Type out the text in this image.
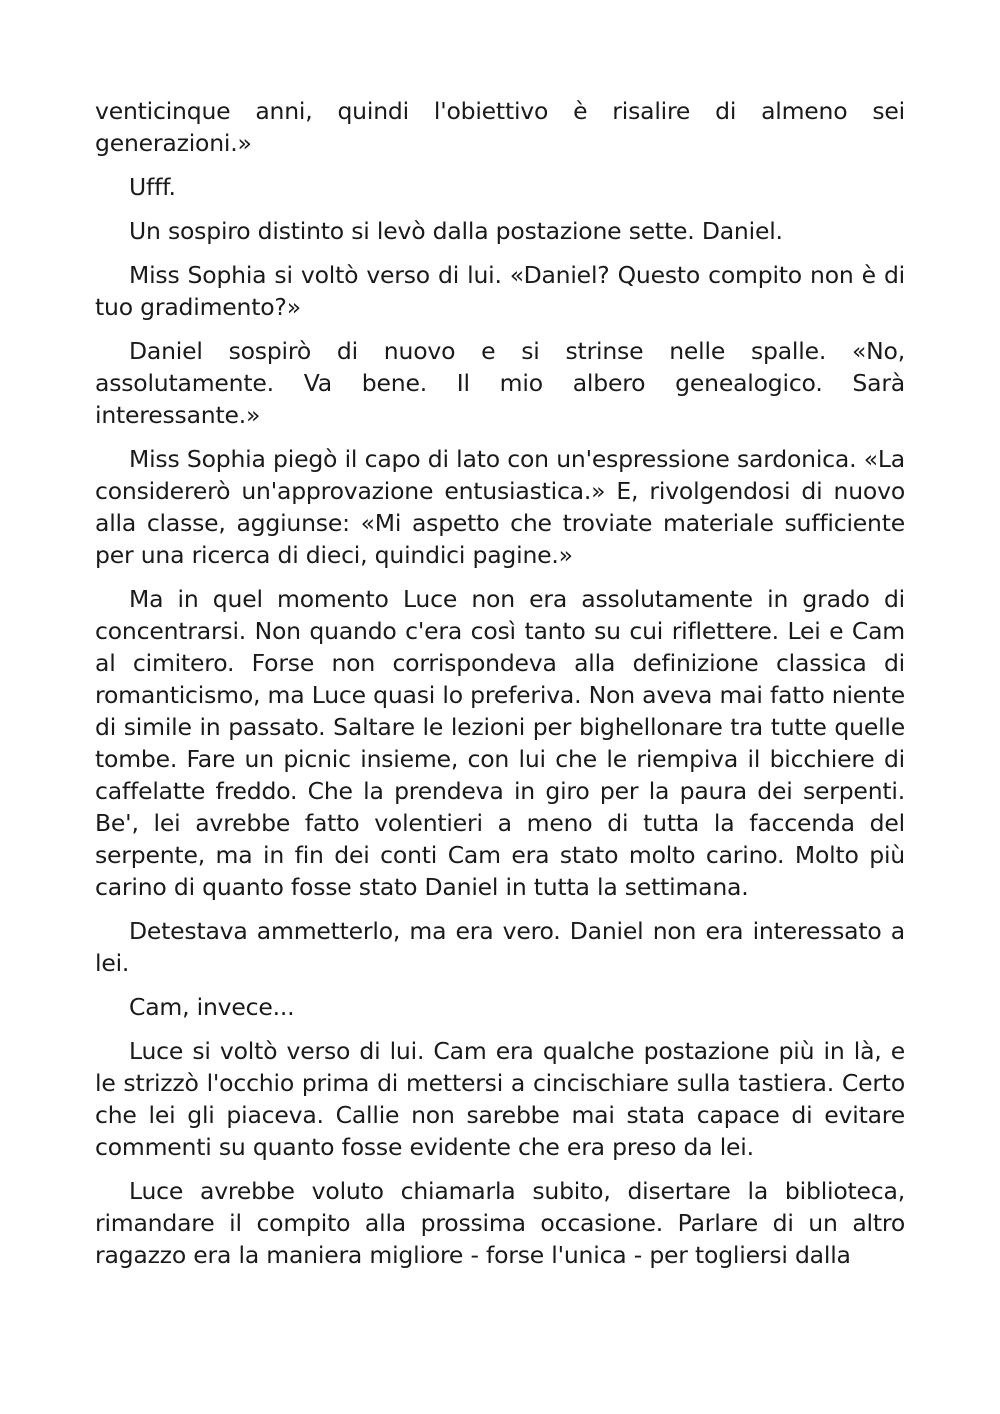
venticinque anni, quindi l'obiettivo è risalire di almeno sei generazioni.»

Ufff.

Un sospiro distinto si levò dalla postazione sette. Daniel.

Miss Sophia si voltò verso di lui. «Daniel? Questo compito non è di tuo gradimento?»

Daniel sospirò di nuovo e si strinse nelle spalle. «No, assolutamente. Va bene. Il mio albero genealogico. Sarà interessante.»

Miss Sophia piegò il capo di lato con un'espressione sardonica. «La considererò un'approvazione entusiastica.» E, rivolgendosi di nuovo alla classe, aggiunse: «Mi aspetto che troviate materiale sufficiente per una ricerca di dieci, quindici pagine.»

Ma in quel momento Luce non era assolutamente in grado di concentrarsi. Non quando c'era così tanto su cui riflettere. Lei e Cam al cimitero. Forse non corrispondeva alla definizione classica di romanticismo, ma Luce quasi lo preferiva. Non aveva mai fatto niente di simile in passato. Saltare le lezioni per bighellonare tra tutte quelle tombe. Fare un picnic insieme, con lui che le riempiva il bicchiere di caffelatte freddo. Che la prendeva in giro per la paura dei serpenti. Be', lei avrebbe fatto volentieri a meno di tutta la faccenda del serpente, ma in fin dei conti Cam era stato molto carino. Molto più carino di quanto fosse stato Daniel in tutta la settimana.

Detestava ammetterlo, ma era vero. Daniel non era interessato a lei.

Cam, invece...

Luce si voltò verso di lui. Cam era qualche postazione più in là, e le strizzò l'occhio prima di mettersi a cincischiare sulla tastiera. Certo che lei gli piaceva. Callie non sarebbe mai stata capace di evitare commenti su quanto fosse evidente che era preso da lei.

Luce avrebbe voluto chiamarla subito, disertare la biblioteca, rimandare il compito alla prossima occasione. Parlare di un altro ragazzo era la maniera migliore - forse l'unica - per togliersi dalla
